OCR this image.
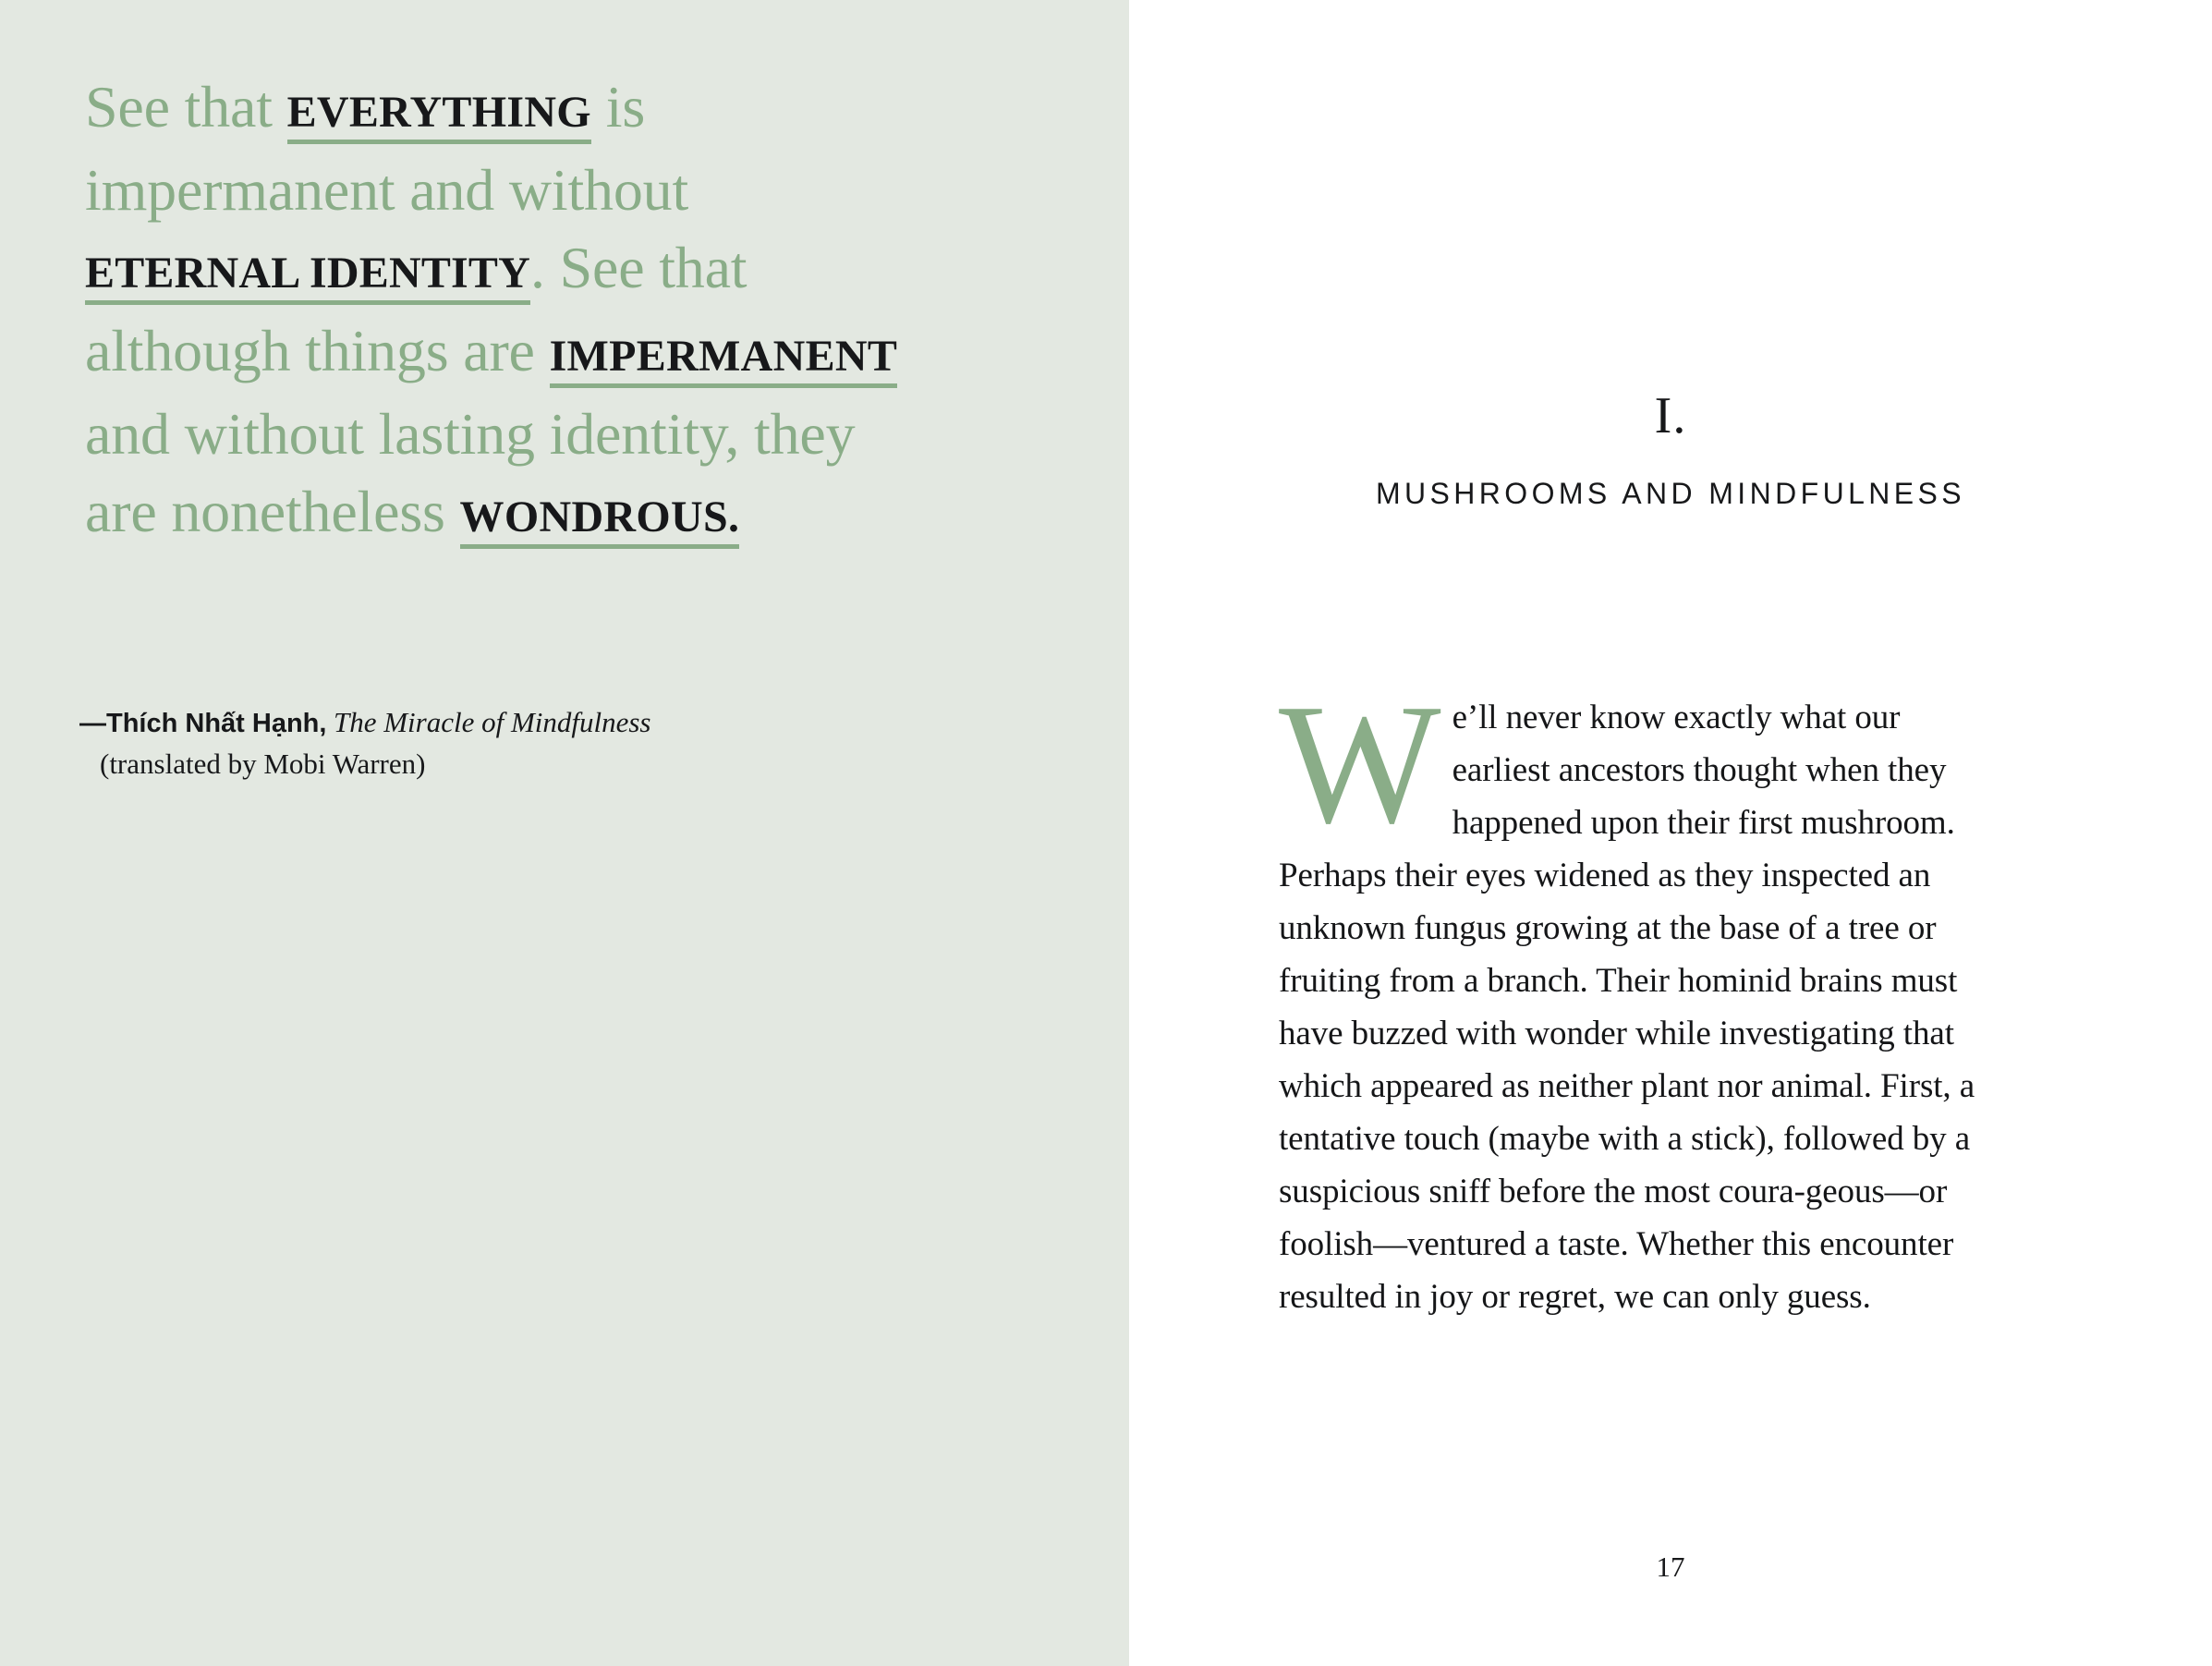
See that EVERYTHING is impermanent and without ETERNAL IDENTITY. See that although things are IMPERMANENT and without lasting identity, they are nonetheless WONDROUS.
—Thích Nhất Hạnh, The Miracle of Mindfulness
(translated by Mobi Warren)
I.
MUSHROOMS AND MINDFULNESS
W e’ll never know exactly what our earliest ancestors thought when they happened upon their first mushroom. Perhaps their eyes widened as they inspected an unknown fungus growing at the base of a tree or fruiting from a branch. Their hominid brains must have buzzed with wonder while investigating that which appeared as neither plant nor animal. First, a tentative touch (maybe with a stick), followed by a suspicious sniff before the most coura-geous—or foolish—ventured a taste. Whether this encounter resulted in joy or regret, we can only guess.

17
